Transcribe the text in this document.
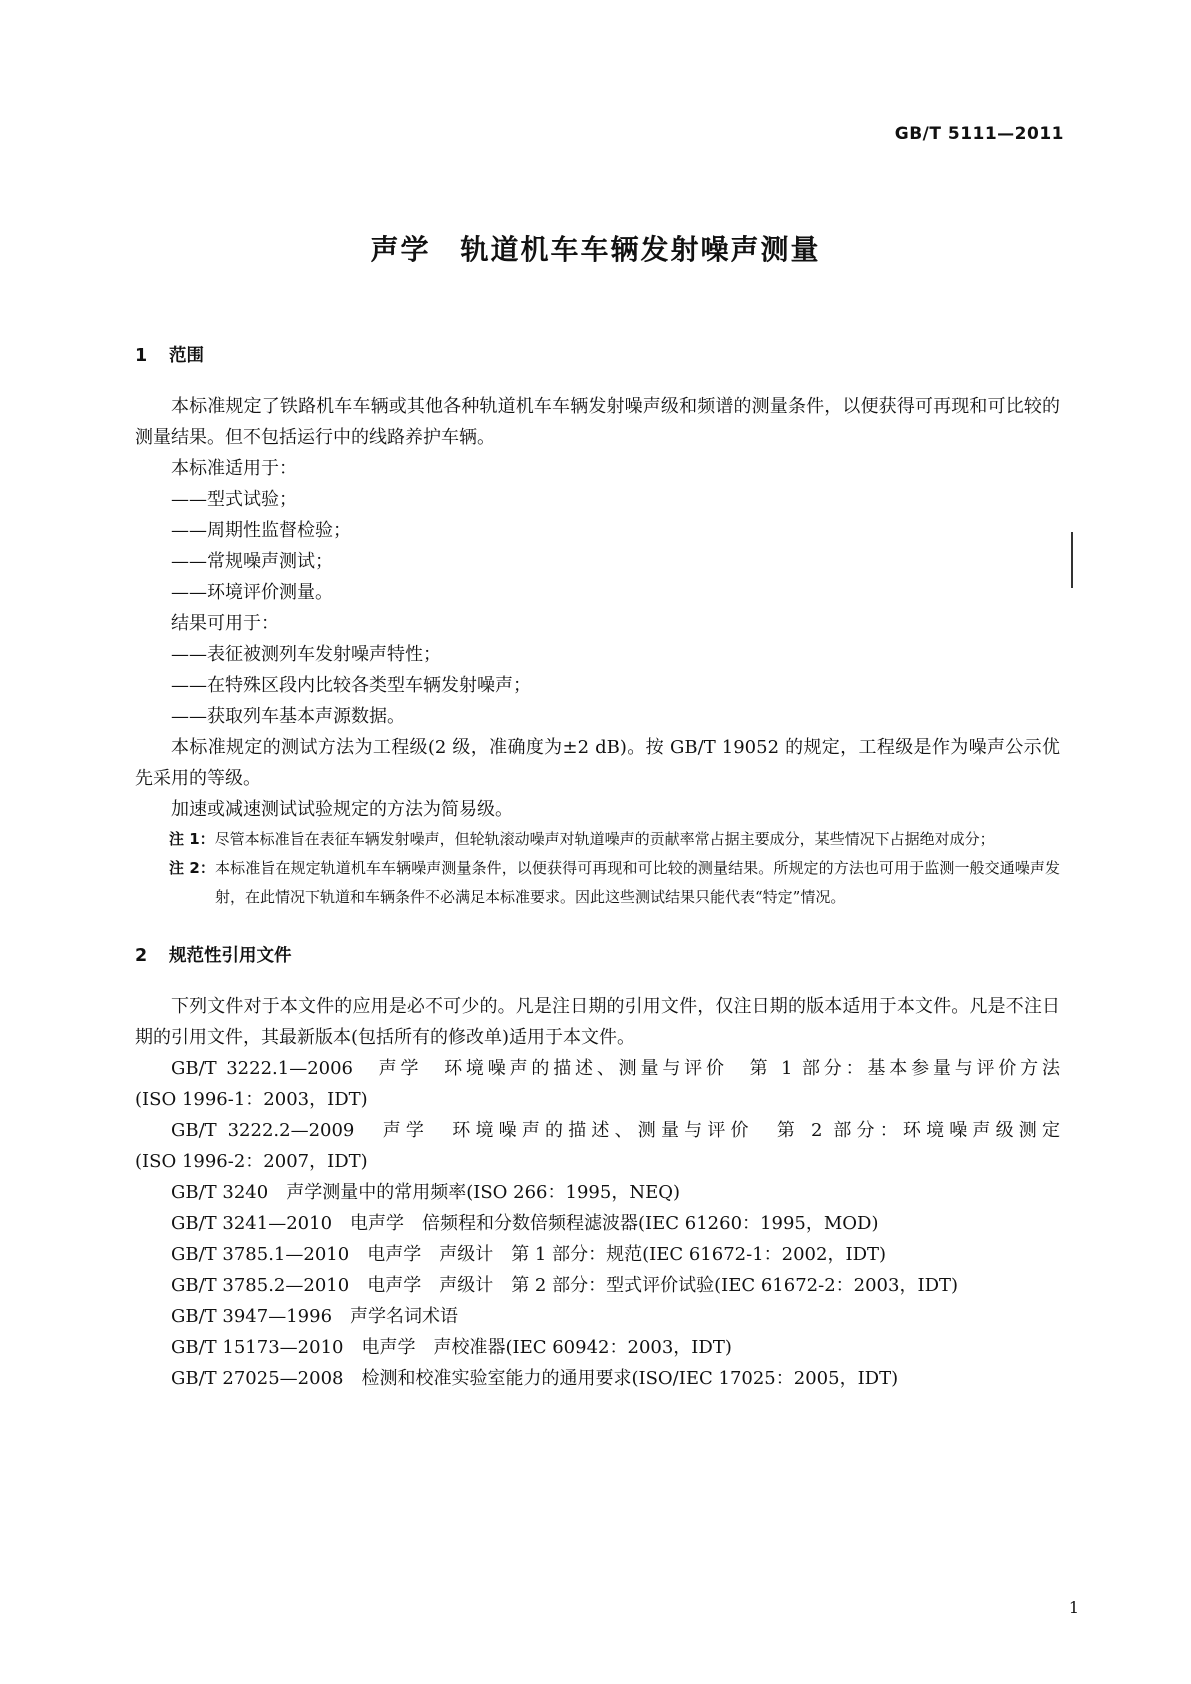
GB/T 5111—2011
声学　轨道机车车辆发射噪声测量
1 范围

本标准规定了铁路机车车辆或其他各种轨道机车车辆发射噪声级和频谱的测量条件，以便获得可再现和可比较的测量结果。但不包括运行中的线路养护车辆。

本标准适用于：

——型式试验；

——周期性监督检验；

——常规噪声测试；

——环境评价测量。

结果可用于：

——表征被测列车发射噪声特性；

——在特殊区段内比较各类型车辆发射噪声；

——获取列车基本声源数据。

本标准规定的测试方法为工程级(2 级，准确度为±2 dB)。按 GB/T 19052 的规定，工程级是作为噪声公示优先采用的等级。

加速或减速测试试验规定的方法为简易级。

注 1：尽管本标准旨在表征车辆发射噪声，但轮轨滚动噪声对轨道噪声的贡献率常占据主要成分，某些情况下占据绝对成分；
注 2：本标准旨在规定轨道机车车辆噪声测量条件，以便获得可再现和可比较的测量结果。所规定的方法也可用于监测一般交通噪声发射，在此情况下轨道和车辆条件不必满足本标准要求。因此这些测试结果只能代表“特定”情况。
2 规范性引用文件

下列文件对于本文件的应用是必不可少的。凡是注日期的引用文件，仅注日期的版本适用于本文件。凡是不注日期的引用文件，其最新版本(包括所有的修改单)适用于本文件。

GB/T 3222.1—2006　声学　环境噪声的描述、测量与评价　第 1 部分：基本参量与评价方法

(ISO 1996-1：2003，IDT)

GB/T 3222.2—2009　声学　环境噪声的描述、测量与评价　第 2 部分：环境噪声级测定

(ISO 1996-2：2007，IDT)

GB/T 3240　声学测量中的常用频率(ISO 266：1995，NEQ)

GB/T 3241—2010　电声学　倍频程和分数倍频程滤波器(IEC 61260：1995，MOD)

GB/T 3785.1—2010　电声学　声级计　第 1 部分：规范(IEC 61672-1：2002，IDT)

GB/T 3785.2—2010　电声学　声级计　第 2 部分：型式评价试验(IEC 61672-2：2003，IDT)

GB/T 3947—1996　声学名词术语

GB/T 15173—2010　电声学　声校准器(IEC 60942：2003，IDT)

GB/T 27025—2008　检测和校准实验室能力的通用要求(ISO/IEC 17025：2005，IDT)

1
